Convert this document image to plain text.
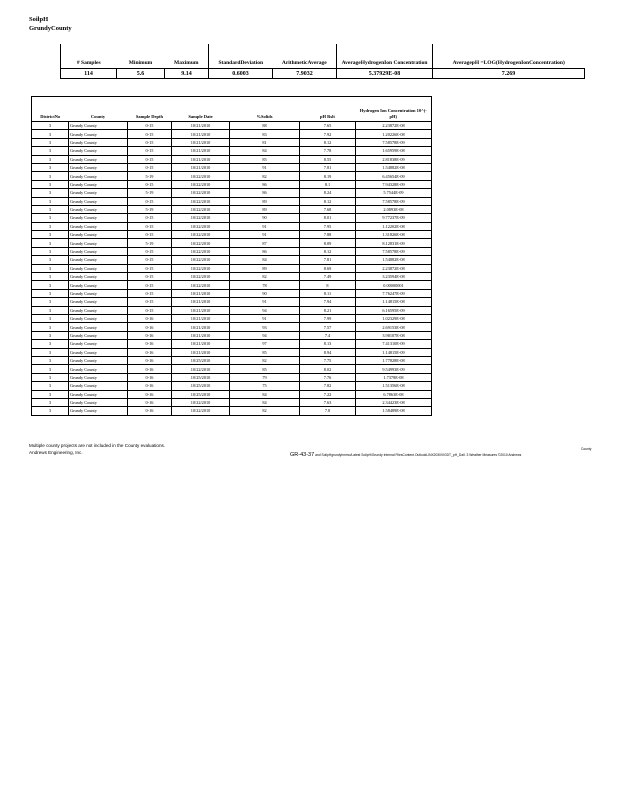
SoilpH
GrundyCounty
# Samples	Minimum	Maximum	StandardDeviation	ArithmeticAverage	AverageHydrogenIon Concentration	AveragepH =LOG(HydrogenIonConcentration)
114	5.6	9.14	0.6003	7.9032	5.37929E-08	7.269
DistrictNo	County	Sample Depth	Sample Date	%Solids	pH Rslt	Hydrogen Ion Concentration 10^(-pH)
3	Grundy County	0-15	10/21/2010	88	7.65	2.23872E-08
3	Grundy County	0-15	10/21/2010	83	7.92	1.20226E-08
3	Grundy County	0-15	10/21/2010	81	8.12	7.58578E-09
3	Grundy County	0-15	10/21/2010	84	7.78	1.65959E-08
3	Grundy County	0-15	10/21/2010	85	8.55	2.81838E-09
3	Grundy County	0-15	10/21/2010	91	7.81	1.54882E-08
3	Grundy County	5-19	10/22/2010	82	8.19	6.45654E-09
3	Grundy County	0-15	10/22/2010	86	8.1	7.94328E-09
3	Grundy County	5-19	10/22/2010	86	8.24	5.7544E-09
3	Grundy County	0-15	10/22/2010	89	8.12	7.58578E-09
3	Grundy County	5-19	10/22/2010	89	7.68	2.0893E-08
3	Grundy County	0-15	10/22/2010	90	8.01	9.77237E-09
3	Grundy County	0-15	10/22/2010	91	7.95	1.12202E-08
3	Grundy County	0-15	10/22/2010	91	7.88	1.31826E-08
3	Grundy County	5-19	10/22/2010	87	8.09	8.12831E-09
3	Grundy County	0-15	10/22/2010	86	8.12	7.58578E-09
3	Grundy County	0-15	10/22/2010	84	7.81	1.54882E-08
3	Grundy County	0-15	10/22/2010	89	8.69	2.23872E-08
3	Grundy County	0-15	10/22/2010	82	7.49	3.23594E-08
3	Grundy County	0-15	10/22/2010	78	8	0.00000001
3	Grundy County	0-15	10/21/2010	90	8.11	7.76247E-09
3	Grundy County	0-15	10/21/2010	91	7.94	1.14815E-08
3	Grundy County	0-15	10/21/2010	94	8.21	6.16595E-09
3	Grundy County	0-16	10/21/2010	91	7.99	1.02329E-08
3	Grundy County	0-16	10/21/2010	93	7.57	2.69153E-08
3	Grundy County	0-16	10/21/2010	94	7.4	3.98107E-08
3	Grundy County	0-16	10/21/2010	97	8.13	7.41310E-09
3	Grundy County	0-16	10/21/2010	85	8.94	1.14815E-09
3	Grundy County	0-16	10/25/2010	82	7.75	1.77828E-08
3	Grundy County	0-16	10/22/2010	85	8.02	9.54993E-09
3	Grundy County	0-16	10/25/2010	79	7.76	1.7378E-08
3	Grundy County	0-16	10/25/2010	75	7.82	1.51356E-08
3	Grundy County	0-16	10/25/2010	84	7.22	6.7863E-08
3	Grundy County	0-16	10/22/2010	84	7.63	2.34423E-08
3	Grundy County	0-16	10/22/2010	82	7.8	1.58489E-08
Multiple county projects are not included in the County evaluations.
Andrews Engineering, Inc.	GR-43-37 and SoilpHgrundyhmmo/Latest SoilpH/Grundy Internal FilesContent.OutlookLINX2030VIGDT_pH_Dall. 3 Weather Measures ©2010 Andrews
County
